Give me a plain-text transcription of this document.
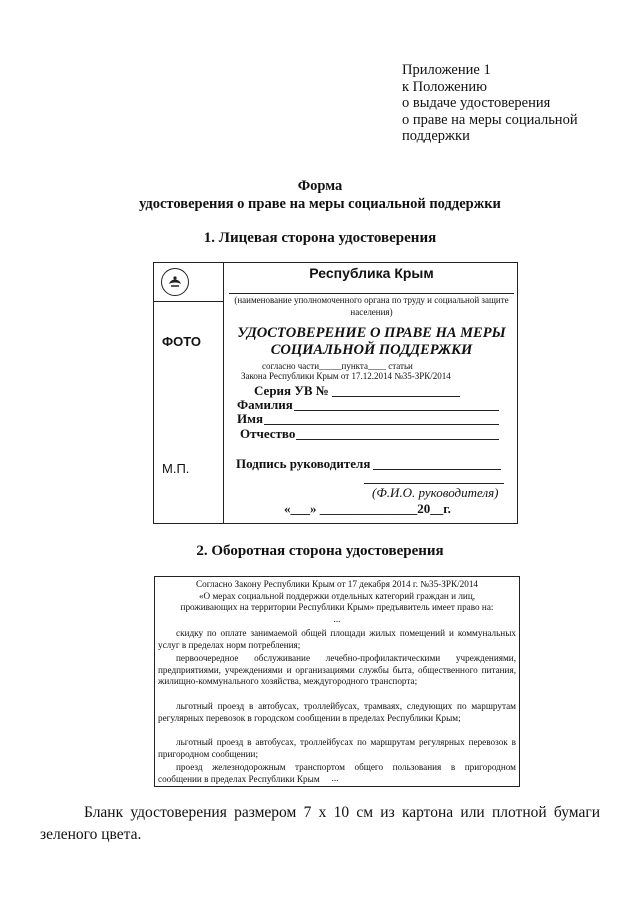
Приложение 1
к Положению
о выдаче удостоверения
о праве на меры социальной
поддержки
Форма
удостоверения о праве на меры социальной поддержки
1. Лицевая сторона удостоверения
Республика Крым
(наименование уполномоченного органа по труду и социальной защите населения)
ФОТО
М.П.
УДОСТОВЕРЕНИЕ О ПРАВЕ НА МЕРЫ СОЦИАЛЬНОЙ ПОДДЕРЖКИ
согласно части_____пункта____ статьи
Закона Республики Крым от 17.12.2014 №35-ЗРК/2014
Серия УВ №
Фамилия
Имя
Отчество
Подпись руководителя
(Ф.И.О. руководителя)
«___» _______________20__г.
2. Оборотная сторона удостоверения
Согласно Закону Республики Крым от 17 декабря 2014 г. №35-ЗРК/2014
«О мерах социальной поддержки отдельных категорий граждан и лиц,
проживающих на территории Республики Крым» предъявитель имеет право на:
...
скидку по оплате занимаемой общей площади жилых помещений и коммунальных услуг в пределах норм потребления;
первоочередное обслуживание лечебно-профилактическими учреждениями, предприятиями, учреждениями и организациями службы быта, общественного питания, жилищно-коммунального хозяйства, междугородного транспорта;
льготный проезд в автобусах, троллейбусах, трамваях, следующих по маршрутам регулярных перевозок в городском сообщении в пределах Республики Крым;
льготный проезд в автобусах, троллейбусах по маршрутам регулярных перевозок в пригородном сообщении;
проезд железнодорожным транспортом общего пользования в пригородном сообщении в пределах Республики Крым	...
Бланк удостоверения размером 7 х 10 см из картона или плотной бумаги зеленого цвета.
